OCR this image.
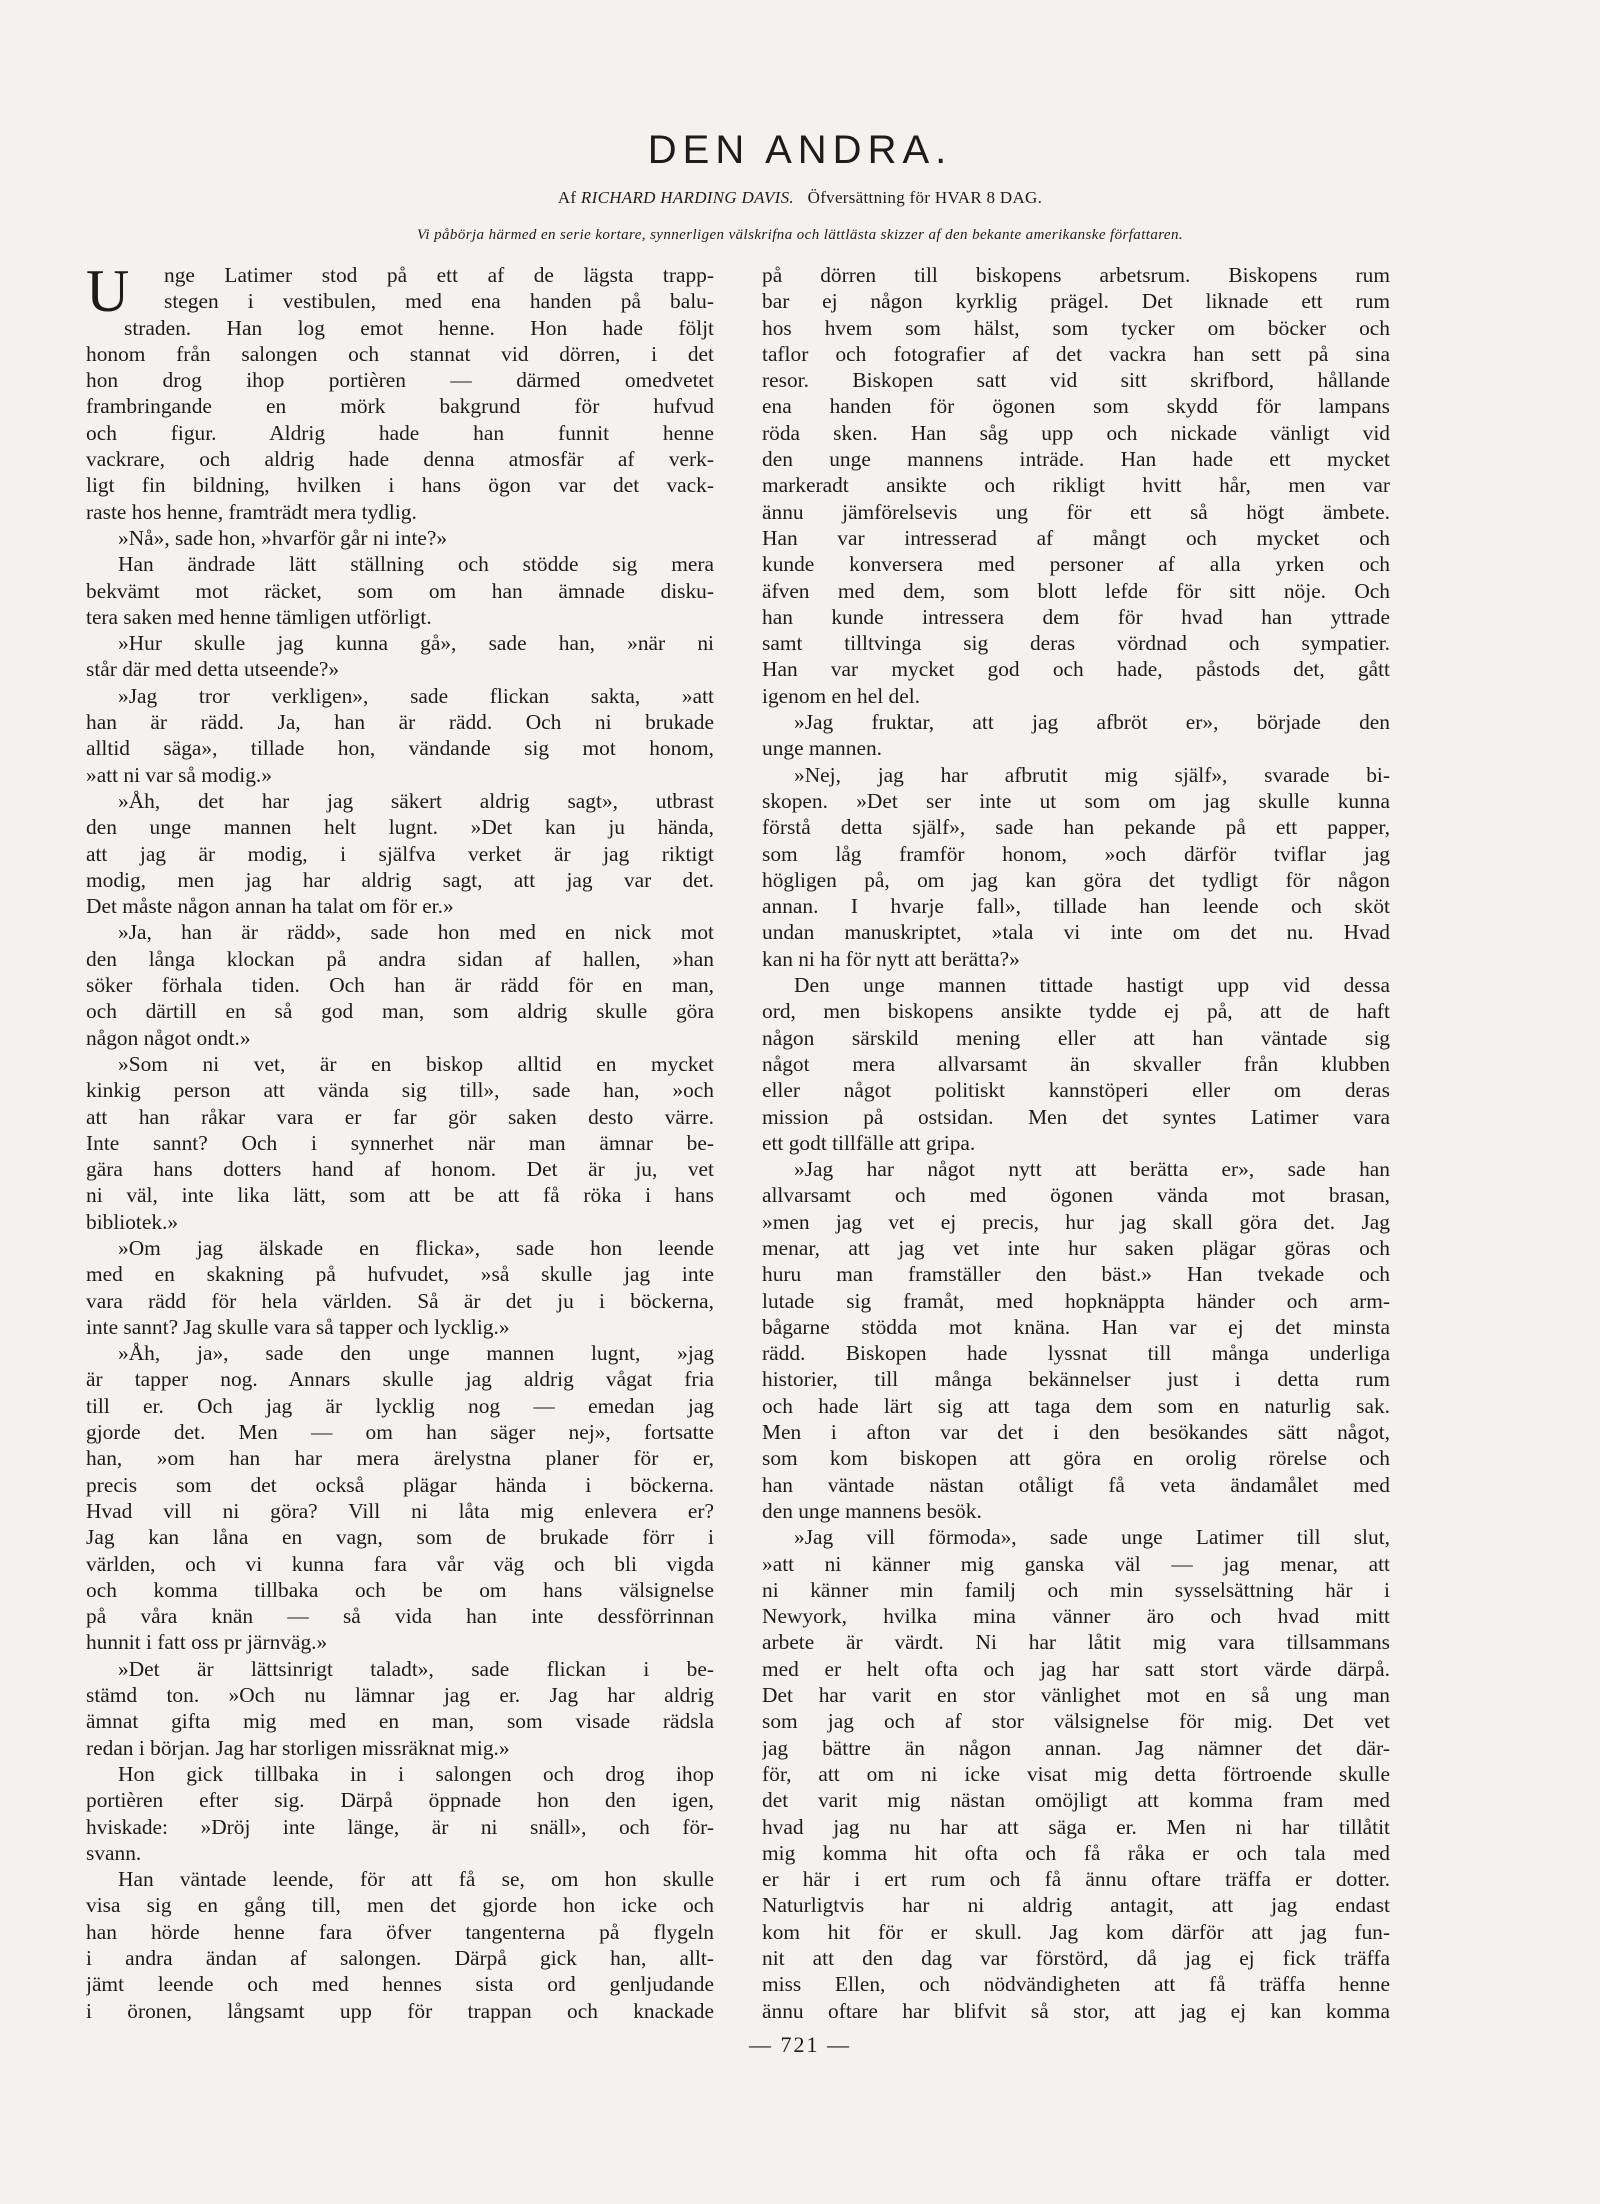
DEN ANDRA.
Af RICHARD HARDING DAVIS. Öfversättning för HVAR 8 DAG.
Vi påbörja härmed en serie kortare, synnerligen välskrifna och lättlästa skizzer af den bekante amerikanske författaren.
U	nge Latimer stod på ett af de lägsta trapp-
stegen i vestibulen, med ena handen på balu-
straden. Han log emot henne. Hon hade följt
honom från salongen och stannat vid dörren, i det
hon drog ihop portièren — därmed omedvetet
frambringande en mörk bakgrund för hufvud
och figur. Aldrig hade han funnit henne
vackrare, och aldrig hade denna atmosfär af verk-
ligt fin bildning, hvilken i hans ögon var det vack-
raste hos henne, framträdt mera tydlig.
»Nå», sade hon, »hvarför går ni inte?»
Han ändrade lätt ställning och stödde sig mera
bekvämt mot räcket, som om han ämnade disku-
tera saken med henne tämligen utförligt.
»Hur skulle jag kunna gå», sade han, »när ni
står där med detta utseende?»
»Jag tror verkligen», sade flickan sakta, »att
han är rädd. Ja, han är rädd. Och ni brukade
alltid säga», tillade hon, vändande sig mot honom,
»att ni var så modig.»
»Åh, det har jag säkert aldrig sagt», utbrast
den unge mannen helt lugnt. »Det kan ju hända,
att jag är modig, i själfva verket är jag riktigt
modig, men jag har aldrig sagt, att jag var det.
Det måste någon annan ha talat om för er.»
»Ja, han är rädd», sade hon med en nick mot
den långa klockan på andra sidan af hallen, »han
söker förhala tiden. Och han är rädd för en man,
och därtill en så god man, som aldrig skulle göra
någon något ondt.»
»Som ni vet, är en biskop alltid en mycket
kinkig person att vända sig till», sade han, »och
att han råkar vara er far gör saken desto värre.
Inte sannt? Och i synnerhet när man ämnar be-
gära hans dotters hand af honom. Det är ju, vet
ni väl, inte lika lätt, som att be att få röka i hans
bibliotek.»
»Om jag älskade en flicka», sade hon leende
med en skakning på hufvudet, »så skulle jag inte
vara rädd för hela världen. Så är det ju i böckerna,
inte sannt? Jag skulle vara så tapper och lycklig.»
»Åh, ja», sade den unge mannen lugnt, »jag
är tapper nog. Annars skulle jag aldrig vågat fria
till er. Och jag är lycklig nog — emedan jag
gjorde det. Men — om han säger nej», fortsatte
han, »om han har mera ärelystna planer för er,
precis som det också plägar hända i böckerna.
Hvad vill ni göra? Vill ni låta mig enlevera er?
Jag kan låna en vagn, som de brukade förr i
världen, och vi kunna fara vår väg och bli vigda
och komma tillbaka och be om hans välsignelse
på våra knän — så vida han inte dessförrinnan
hunnit i fatt oss pr järnväg.»
»Det är lättsinrigt taladt», sade flickan i be-
stämd ton. »Och nu lämnar jag er. Jag har aldrig
ämnat gifta mig med en man, som visade rädsla
redan i början. Jag har storligen missräknat mig.»
Hon gick tillbaka in i salongen och drog ihop
portièren efter sig. Därpå öppnade hon den igen,
hviskade: »Dröj inte länge, är ni snäll», och för-
svann.
Han väntade leende, för att få se, om hon skulle
visa sig en gång till, men det gjorde hon icke och
han hörde henne fara öfver tangenterna på flygeln
i andra ändan af salongen. Därpå gick han, allt-
jämt leende och med hennes sista ord genljudande
i öronen, långsamt upp för trappan och knackade
på dörren till biskopens arbetsrum. Biskopens rum
bar ej någon kyrklig prägel. Det liknade ett rum
hos hvem som hälst, som tycker om böcker och
taflor och fotografier af det vackra han sett på sina
resor. Biskopen satt vid sitt skrifbord, hållande
ena handen för ögonen som skydd för lampans
röda sken. Han såg upp och nickade vänligt vid
den unge mannens inträde. Han hade ett mycket
markeradt ansikte och rikligt hvitt hår, men var
ännu jämförelsevis ung för ett så högt ämbete.
Han var intresserad af mångt och mycket och
kunde konversera med personer af alla yrken och
äfven med dem, som blott lefde för sitt nöje. Och
han kunde intressera dem för hvad han yttrade
samt tilltvinga sig deras vördnad och sympatier.
Han var mycket god och hade, påstods det, gått
igenom en hel del.
»Jag fruktar, att jag afbröt er», började den
unge mannen.
»Nej, jag har afbrutit mig själf», svarade bi-
skopen. »Det ser inte ut som om jag skulle kunna
förstå detta själf», sade han pekande på ett papper,
som låg framför honom, »och därför tviflar jag
högligen på, om jag kan göra det tydligt för någon
annan. I hvarje fall», tillade han leende och sköt
undan manuskriptet, »tala vi inte om det nu. Hvad
kan ni ha för nytt att berätta?»
Den unge mannen tittade hastigt upp vid dessa
ord, men biskopens ansikte tydde ej på, att de haft
någon särskild mening eller att han väntade sig
något mera allvarsamt än skvaller från klubben
eller något politiskt kannstöperi eller om deras
mission på ostsidan. Men det syntes Latimer vara
ett godt tillfälle att gripa.
»Jag har något nytt att berätta er», sade han
allvarsamt och med ögonen vända mot brasan,
»men jag vet ej precis, hur jag skall göra det. Jag
menar, att jag vet inte hur saken plägar göras och
huru man framställer den bäst.» Han tvekade och
lutade sig framåt, med hopknäppta händer och arm-
bågarne stödda mot knäna. Han var ej det minsta
rädd. Biskopen hade lyssnat till många underliga
historier, till många bekännelser just i detta rum
och hade lärt sig att taga dem som en naturlig sak.
Men i afton var det i den besökandes sätt något,
som kom biskopen att göra en orolig rörelse och
han väntade nästan otåligt få veta ändamålet med
den unge mannens besök.
»Jag vill förmoda», sade unge Latimer till slut,
»att ni känner mig ganska väl — jag menar, att
ni känner min familj och min sysselsättning här i
Newyork, hvilka mina vänner äro och hvad mitt
arbete är värdt. Ni har låtit mig vara tillsammans
med er helt ofta och jag har satt stort värde därpå.
Det har varit en stor vänlighet mot en så ung man
som jag och af stor välsignelse för mig. Det vet
jag bättre än någon annan. Jag nämner det där-
för, att om ni icke visat mig detta förtroende skulle
det varit mig nästan omöjligt att komma fram med
hvad jag nu har att säga er. Men ni har tillåtit
mig komma hit ofta och få råka er och tala med
er här i ert rum och få ännu oftare träffa er dotter.
Naturligtvis har ni aldrig antagit, att jag endast
kom hit för er skull. Jag kom därför att jag fun-
nit att den dag var förstörd, då jag ej fick träffa
miss Ellen, och nödvändigheten att få träffa henne
ännu oftare har blifvit så stor, att jag ej kan komma
— 721 —
